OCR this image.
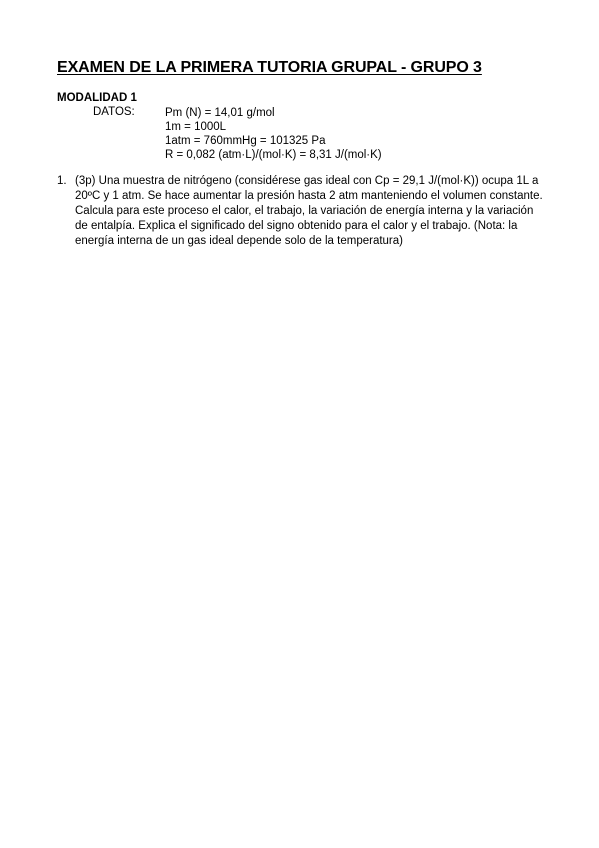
EXAMEN DE LA PRIMERA TUTORIA GRUPAL - GRUPO 3
MODALIDAD 1
DATOS:	Pm (N) = 14,01 g/mol
1m = 1000L
1atm = 760mmHg = 101325 Pa
R = 0,082 (atm·L)/(mol·K) = 8,31 J/(mol·K)
1. (3p) Una muestra de nitrógeno (considérese gas ideal con Cp = 29,1 J/(mol·K)) ocupa 1L a 20ºC y 1 atm. Se hace aumentar la presión hasta 2 atm manteniendo el volumen constante. Calcula para este proceso el calor, el trabajo, la variación de energía interna y la variación de entalpía. Explica el significado del signo obtenido para el calor y el trabajo. (Nota: la energía interna de un gas ideal depende solo de la temperatura)
